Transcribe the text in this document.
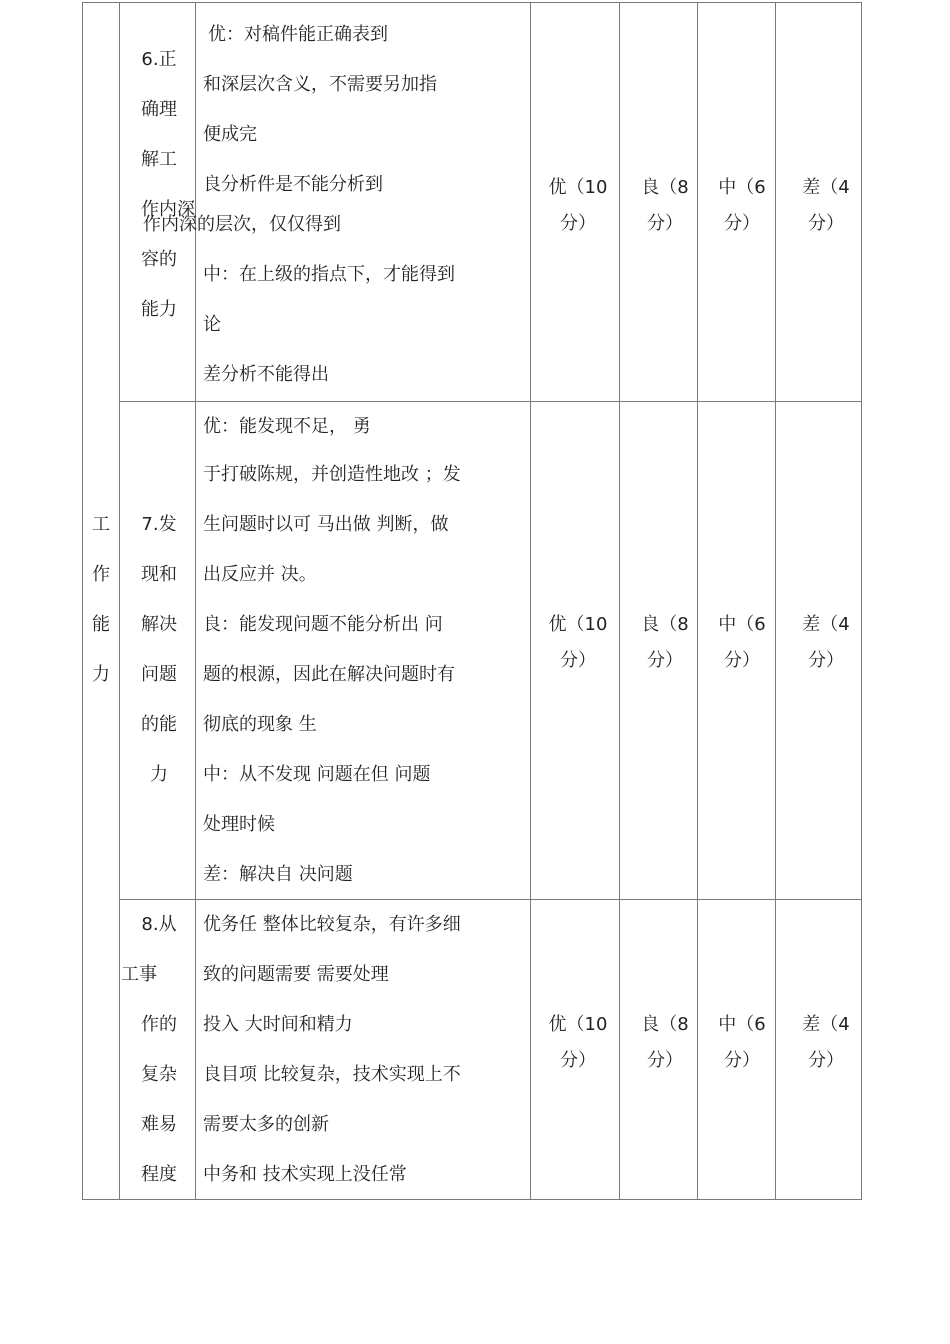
工
作
能
力
6.正
确理
解工
作内深
容的
能力
优：对稿件能正确表到
和深层次含义，不需要另加指
便成完
良分析件是不能分析到
作内深的层次，仅仅得到
中：在上级的指点下，才能得到
论
差分析不能得出
优（10
分）
良（8
分）
中（6
分）
差（4
分）
7.发
现和
解决
问题
的能
力
优：能发现不足， 勇
于打破陈规，并创造性地改 ；发
生问题时以可 马出做 判断，做
出反应并 决。
良：能发现问题不能分析出 问
题的根源，因此在解决问题时有
彻底的现象 生
中：从不发现 问题在但 问题
处理时候
差：解决自 决问题
优（10
分）
良（8
分）
中（6
分）
差（4
分）
8.从
工事
作的
复杂
难易
程度
优务任 整体比较复杂，有许多细
致的问题需要 需要处理
投入 大时间和精力
良目项 比较复杂，技术实现上不
需要太多的创新
中务和 技术实现上没任常
优（10
分）
良（8
分）
中（6
分）
差（4
分）
